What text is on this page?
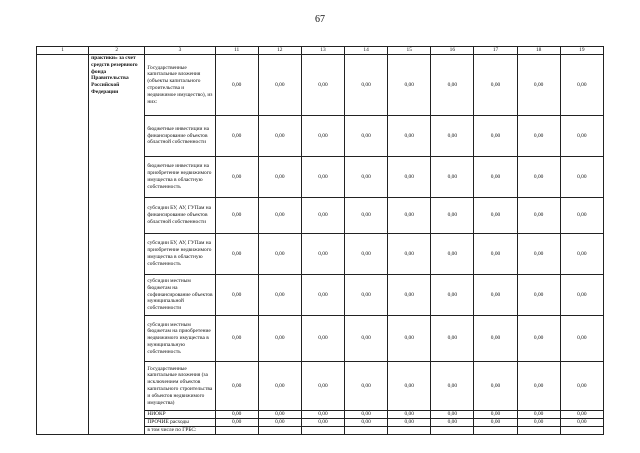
67
1	2	3	11	12	13	14	15	16	17	18	19
	практики» за счет средств резервного фонда Правительства Российской Федерации	Государственные капитальные вложения (объекты капитального строительства и недвижимое имущество), из них:	0,00	0,00	0,00	0,00	0,00	0,00	0,00	0,00	0,00
		бюджетные инвестиции на финансирование объектов областной собственности	0,00	0,00	0,00	0,00	0,00	0,00	0,00	0,00	0,00
		бюджетные инвестиции на приобретение недвижимого имущества в областную собственность	0,00	0,00	0,00	0,00	0,00	0,00	0,00	0,00	0,00
		субсидии БУ, АУ, ГУПам на финансирование объектов областной собственности	0,00	0,00	0,00	0,00	0,00	0,00	0,00	0,00	0,00
		субсидии БУ, АУ, ГУПам на приобретение недвижимого имущества в областную собственность	0,00	0,00	0,00	0,00	0,00	0,00	0,00	0,00	0,00
		субсидии местным бюджетам на софинансирование объектов муниципальной собственности	0,00	0,00	0,00	0,00	0,00	0,00	0,00	0,00	0,00
		субсидии местным бюджетам на приобретение недвижимого имущества в муниципальную собственность	0,00	0,00	0,00	0,00	0,00	0,00	0,00	0,00	0,00
		Государственные капитальные вложения (за исключением объектов капитального строительства и объектов недвижимого имущества)	0,00	0,00	0,00	0,00	0,00	0,00	0,00	0,00	0,00
		НИОКР	0,00	0,00	0,00	0,00	0,00	0,00	0,00	0,00	0,00
		ПРОЧИЕ расходы	0,00	0,00	0,00	0,00	0,00	0,00	0,00	0,00	0,00
		в том числе по ГРБС:									
